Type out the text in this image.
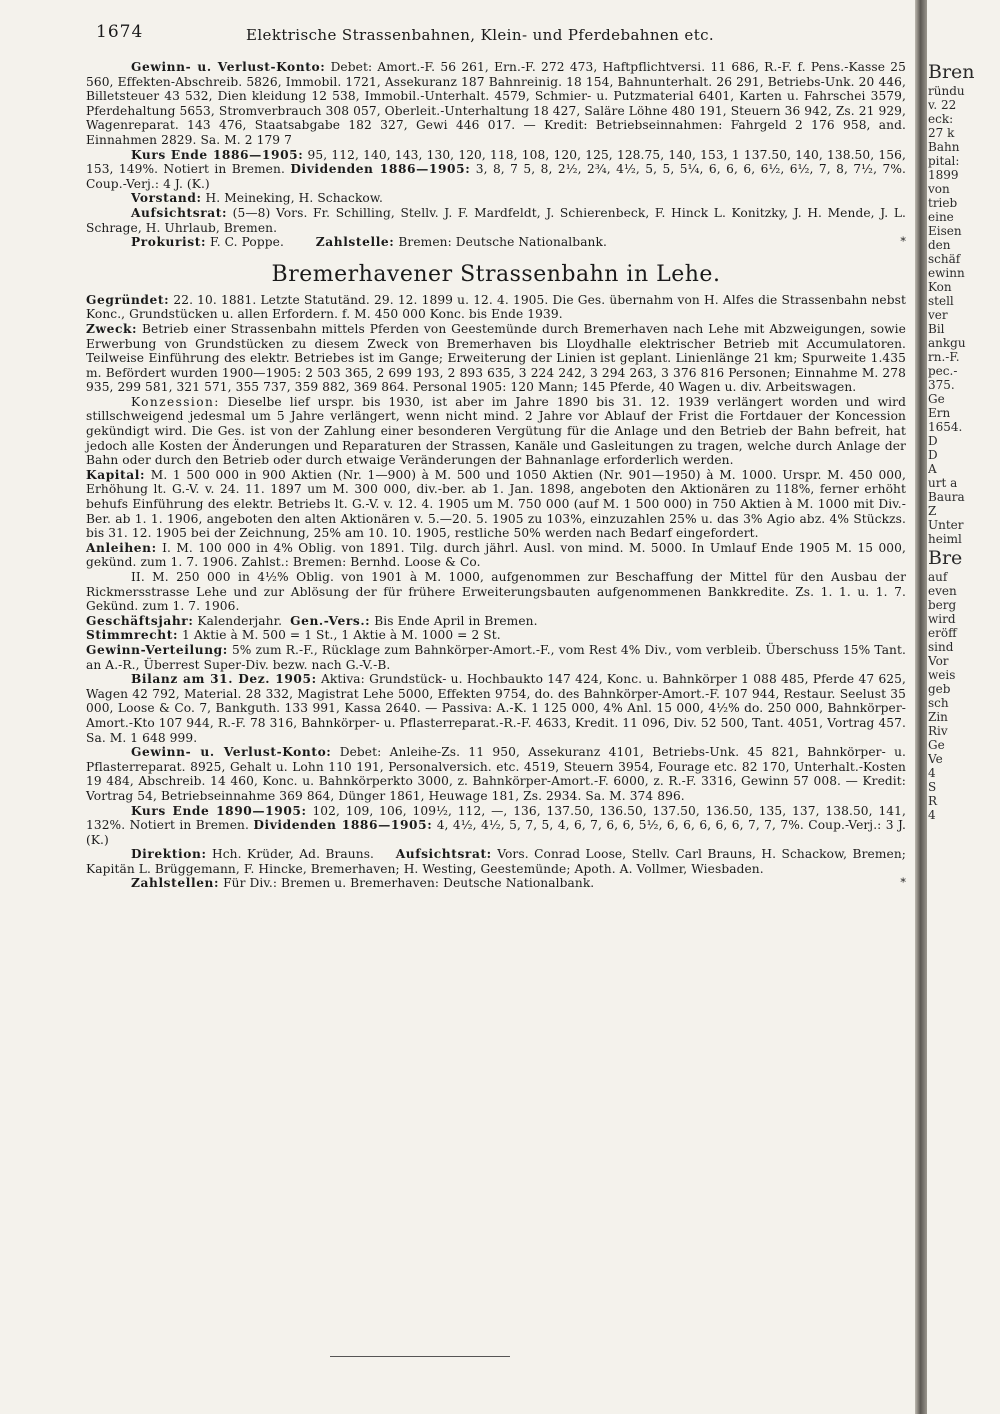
1674	Elektrische Strassenbahnen, Klein- und Pferdebahnen etc.

Gewinn- u. Verlust-Konto: Debet: Amort.-F. 56 261, Ern.-F. 272 473, Haftpflichtversi. 11 686, R.-F. f. Pens.-Kasse 25 560, Effekten-Abschreib. 5826, Immobil. 1721, Assekuranz 187 Bahnreinig. 18 154, Bahnunterhalt. 26 291, Betriebs-Unk. 20 446, Billetsteuer 43 532, Dien kleidung 12 538, Immobil.-Unterhalt. 4579, Schmier- u. Putzmaterial 6401, Karten u. Fahrschei 3579, Pferdehaltung 5653, Stromverbrauch 308 057, Oberleit.-Unterhaltung 18 427, Saläre Löhne 480 191, Steuern 36 942, Zs. 21 929, Wagenreparat. 143 476, Staatsabgabe 182 327, Gewi 446 017. — Kredit: Betriebseinnahmen: Fahrgeld 2 176 958, and. Einnahmen 2829. Sa. M. 2 179 7

Kurs Ende 1886—1905: 95, 112, 140, 143, 130, 120, 118, 108, 120, 125, 128.75, 140, 153, 1 137.50, 140, 138.50, 156, 153, 149%. Notiert in Bremen. Dividenden 1886—1905: 3, 8, 7 5, 8, 2½, 2¾, 4½, 5, 5, 5¼, 6, 6, 6, 6½, 6½, 7, 8, 7½, 7%. Coup.-Verj.: 4 J. (K.)

Vorstand: H. Meineking, H. Schackow.

Aufsichtsrat: (5—8) Vors. Fr. Schilling, Stellv. J. F. Mardfeldt, J. Schierenbeck, F. Hinck L. Konitzky, J. H. Mende, J. L. Schrage, H. Uhrlaub, Bremen.

Prokurist: F. C. Poppe.	Zahlstelle: Bremen: Deutsche Nationalbank.	*

Bremerhavener Strassenbahn in Lehe.

Gegründet: 22. 10. 1881. Letzte Statutänd. 29. 12. 1899 u. 12. 4. 1905. Die Ges. übernahm von H. Alfes die Strassenbahn nebst Konc., Grundstücken u. allen Erfordern. f. M. 450 000 Konc. bis Ende 1939.

Zweck: Betrieb einer Strassenbahn mittels Pferden von Geestemünde durch Bremerhaven nach Lehe mit Abzweigungen, sowie Erwerbung von Grundstücken zu diesem Zweck von Bremerhaven bis Lloydhalle elektrischer Betrieb mit Accumulatoren. Teilweise Einführung des elektr. Betriebes ist im Gange; Erweiterung der Linien ist geplant. Linienlänge 21 km; Spurweite 1.435 m. Befördert wurden 1900—1905: 2 503 365, 2 699 193, 2 893 635, 3 224 242, 3 294 263, 3 376 816 Personen; Einnahme M. 278 935, 299 581, 321 571, 355 737, 359 882, 369 864. Personal 1905: 120 Mann; 145 Pferde, 40 Wagen u. div. Arbeitswagen.

Konzession: Dieselbe lief urspr. bis 1930, ist aber im Jahre 1890 bis 31. 12. 1939 verlängert worden und wird stillschweigend jedesmal um 5 Jahre verlängert, wenn nicht mind. 2 Jahre vor Ablauf der Frist die Fortdauer der Koncession gekündigt wird. Die Ges. ist von der Zahlung einer besonderen Vergütung für die Anlage und den Betrieb der Bahn befreit, hat jedoch alle Kosten der Änderungen und Reparaturen der Strassen, Kanäle und Gasleitungen zu tragen, welche durch Anlage der Bahn oder durch den Betrieb oder durch etwaige Veränderungen der Bahnanlage erforderlich werden.

Kapital: M. 1 500 000 in 900 Aktien (Nr. 1—900) à M. 500 und 1050 Aktien (Nr. 901—1950) à M. 1000. Urspr. M. 450 000, Erhöhung lt. G.-V. v. 24. 11. 1897 um M. 300 000, div.-ber. ab 1. Jan. 1898, angeboten den Aktionären zu 118%, ferner erhöht behufs Einführung des elektr. Betriebs lt. G.-V. v. 12. 4. 1905 um M. 750 000 (auf M. 1 500 000) in 750 Aktien à M. 1000 mit Div.-Ber. ab 1. 1. 1906, angeboten den alten Aktionären v. 5.—20. 5. 1905 zu 103%, einzuzahlen 25% u. das 3% Agio abz. 4% Stückzs. bis 31. 12. 1905 bei der Zeichnung, 25% am 10. 10. 1905, restliche 50% werden nach Bedarf eingefordert.

Anleihen: I. M. 100 000 in 4% Oblig. von 1891. Tilg. durch jährl. Ausl. von mind. M. 5000. In Umlauf Ende 1905 M. 15 000, gekünd. zum 1. 7. 1906. Zahlst.: Bremen: Bernhd. Loose & Co.

II. M. 250 000 in 4½% Oblig. von 1901 à M. 1000, aufgenommen zur Beschaffung der Mittel für den Ausbau der Rickmersstrasse Lehe und zur Ablösung der für frühere Erweiterungsbauten aufgenommenen Bankkredite. Zs. 1. 1. u. 1. 7. Gekünd. zum 1. 7. 1906.

Geschäftsjahr: Kalenderjahr. Gen.-Vers.: Bis Ende April in Bremen.

Stimmrecht: 1 Aktie à M. 500 = 1 St., 1 Aktie à M. 1000 = 2 St.

Gewinn-Verteilung: 5% zum R.-F., Rücklage zum Bahnkörper-Amort.-F., vom Rest 4% Div., vom verbleib. Überschuss 15% Tant. an A.-R., Überrest Super-Div. bezw. nach G.-V.-B.

Bilanz am 31. Dez. 1905: Aktiva: Grundstück- u. Hochbaukto 147 424, Konc. u. Bahnkörper 1 088 485, Pferde 47 625, Wagen 42 792, Material. 28 332, Magistrat Lehe 5000, Effekten 9754, do. des Bahnkörper-Amort.-F. 107 944, Restaur. Seelust 35 000, Loose & Co. 7, Bankguth. 133 991, Kassa 2640. — Passiva: A.-K. 1 125 000, 4% Anl. 15 000, 4½% do. 250 000, Bahnkörper-Amort.-Kto 107 944, R.-F. 78 316, Bahnkörper- u. Pflasterreparat.-R.-F. 4633, Kredit. 11 096, Div. 52 500, Tant. 4051, Vortrag 457. Sa. M. 1 648 999.

Gewinn- u. Verlust-Konto: Debet: Anleihe-Zs. 11 950, Assekuranz 4101, Betriebs-Unk. 45 821, Bahnkörper- u. Pflasterreparat. 8925, Gehalt u. Lohn 110 191, Personalversich. etc. 4519, Steuern 3954, Fourage etc. 82 170, Unterhalt.-Kosten 19 484, Abschreib. 14 460, Konc. u. Bahnkörperkto 3000, z. Bahnkörper-Amort.-F. 6000, z. R.-F. 3316, Gewinn 57 008. — Kredit: Vortrag 54, Betriebseinnahme 369 864, Dünger 1861, Heuwage 181, Zs. 2934. Sa. M. 374 896.

Kurs Ende 1890—1905: 102, 109, 106, 109½, 112, —, 136, 137.50, 136.50, 137.50, 136.50, 135, 137, 138.50, 141, 132%. Notiert in Bremen. Dividenden 1886—1905: 4, 4½, 4½, 5, 7, 5, 4, 6, 7, 6, 6, 5½, 6, 6, 6, 6, 6, 7, 7, 7%. Coup.-Verj.: 3 J. (K.)

Direktion: Hch. Krüder, Ad. Brauns. Aufsichtsrat: Vors. Conrad Loose, Stellv. Carl Brauns, H. Schackow, Bremen; Kapitän L. Brüggemann, F. Hincke, Bremerhaven; H. Westing, Geestemünde; Apoth. A. Vollmer, Wiesbaden.

Zahlstellen: Für Div.: Bremen u. Bremerhaven: Deutsche Nationalbank.	*

Bren
ründu
v. 22
eck:
27 k
Bahn
pital:
1899
von
trieb
eine
Eisen
den
schäf
ewinn
Kon
stell
ver
Bil
ankgu
rn.-F.
pec.-
375.
Ge
Ern
1654.
D
D
A
urt a
Baura
Z
Unter
heiml
Bre
auf
even
berg
wird
eröff
sind
Vor
weis
geb
sch
Zin
Riv
Ge
Ve
4
S
R
4
